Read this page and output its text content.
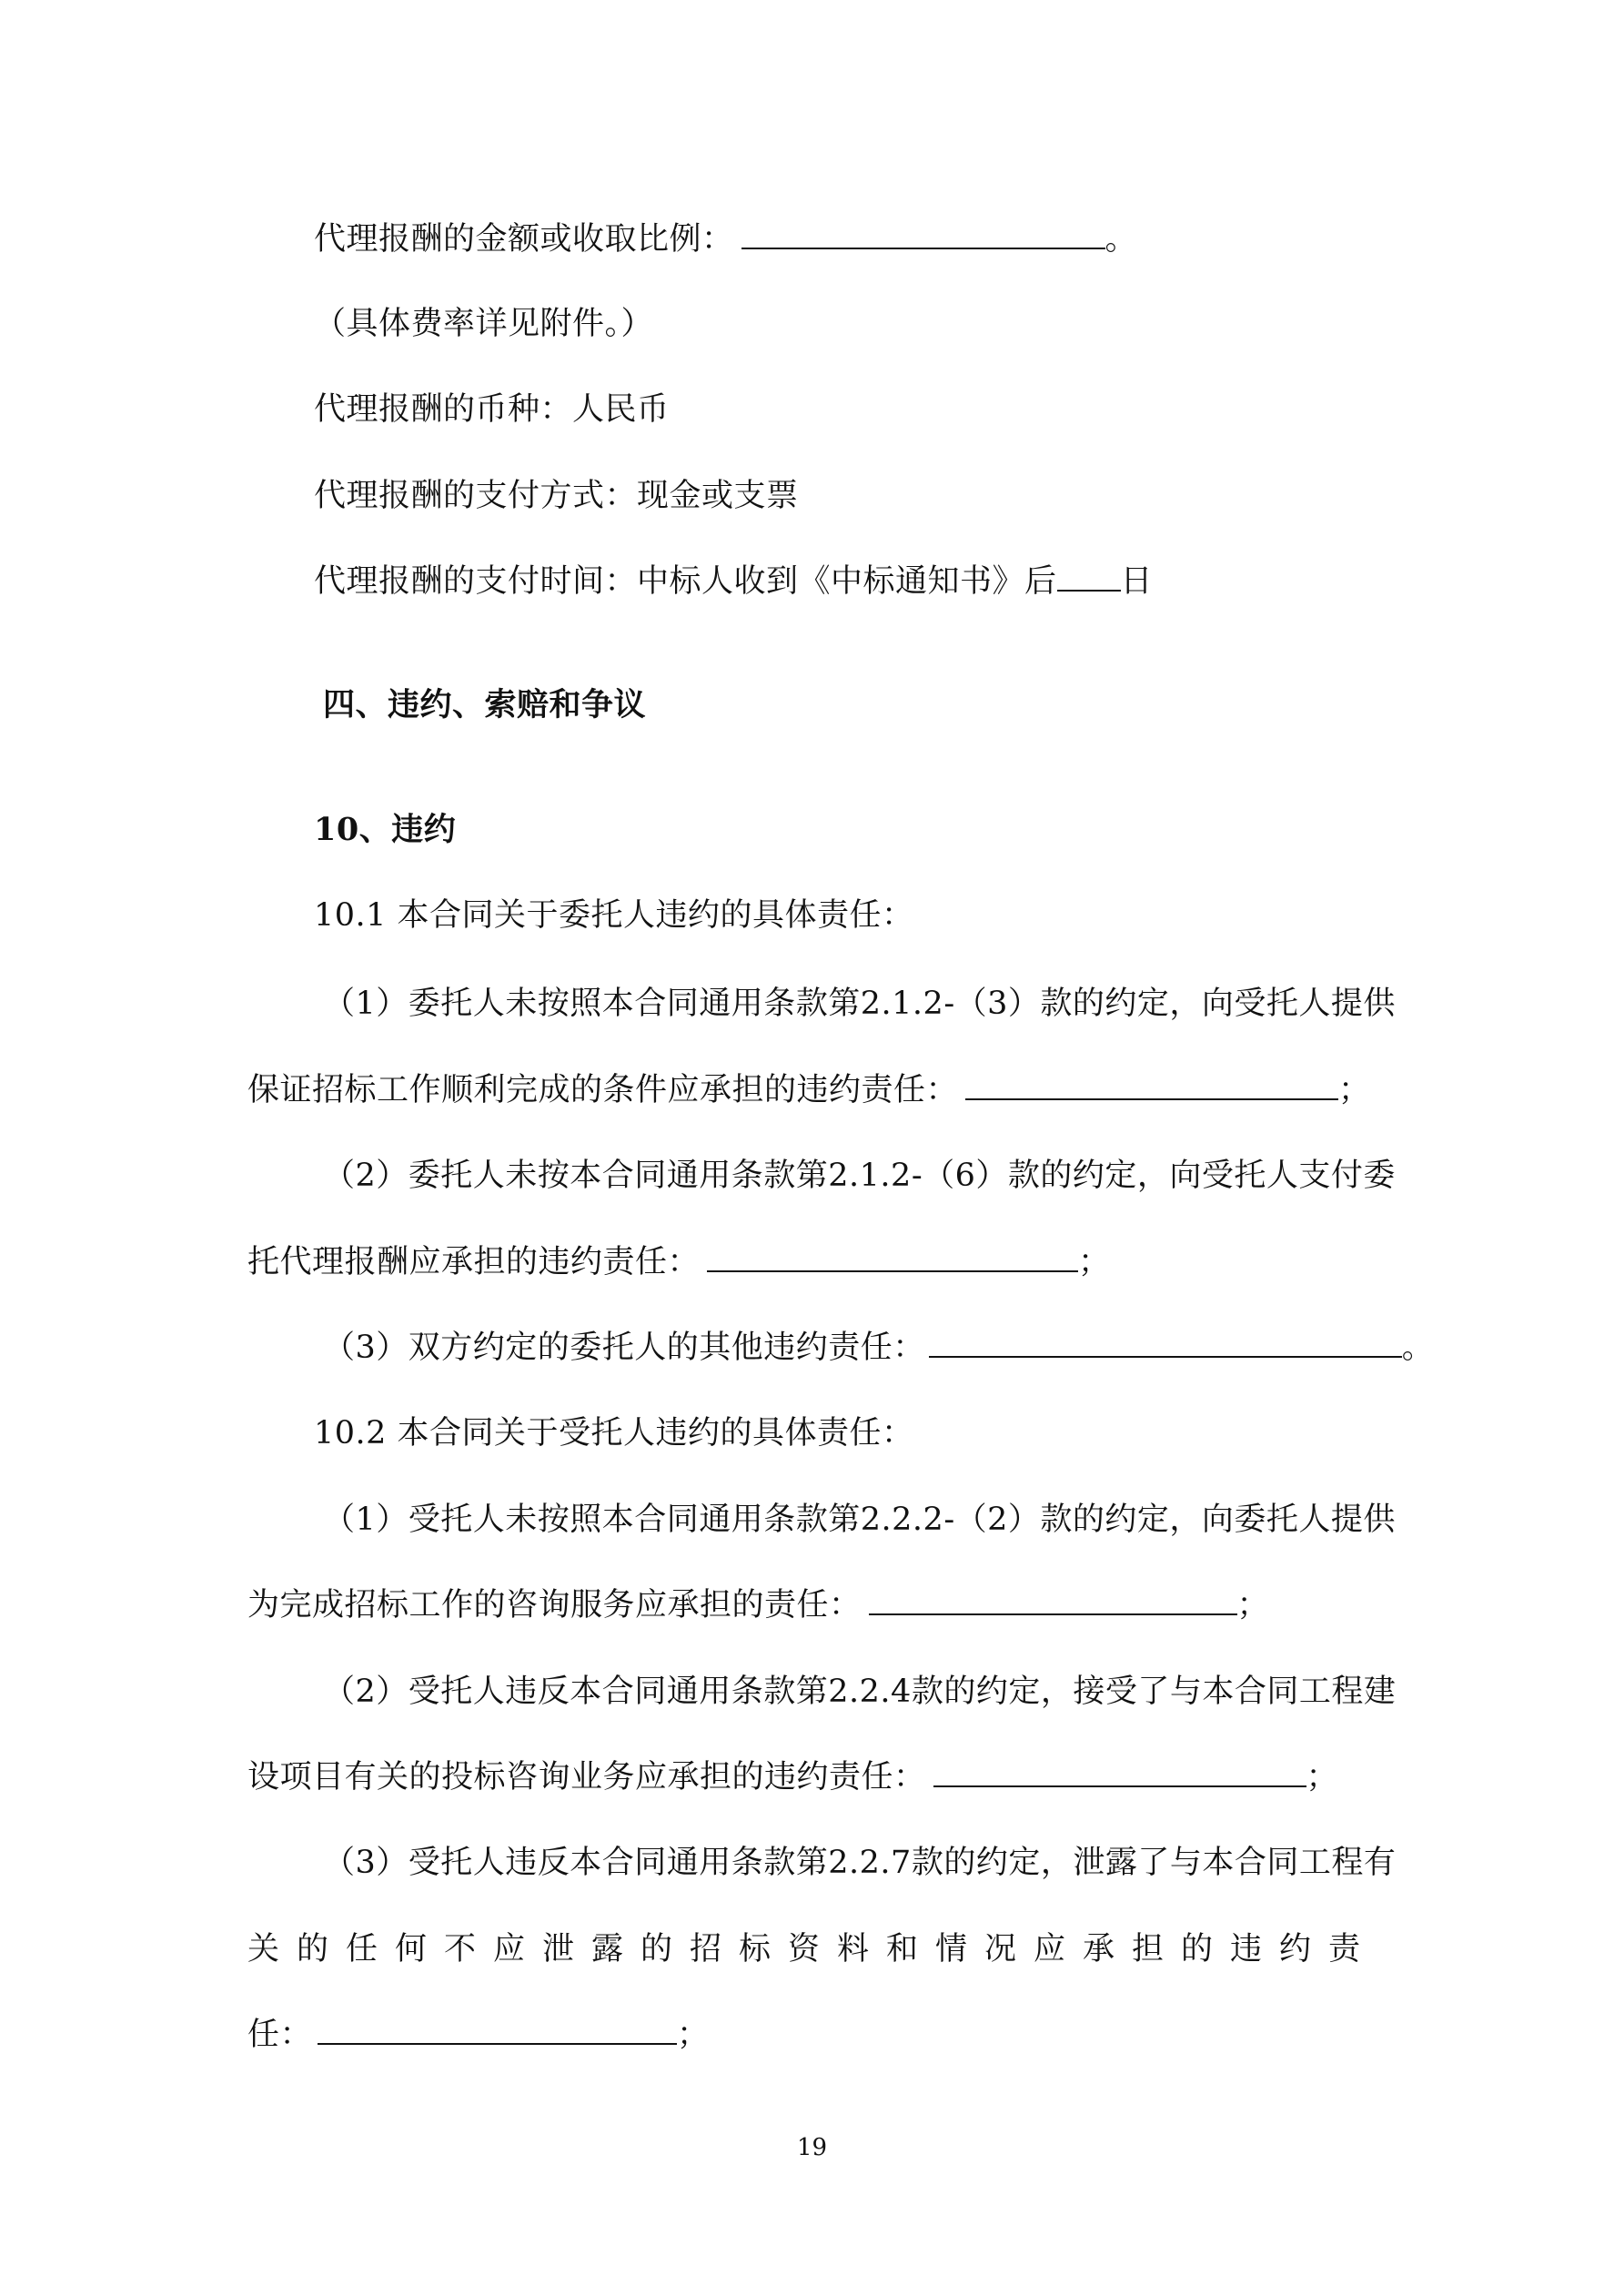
代理报酬的金额或收取比例：	。
（具体费率详见附件。）
代理报酬的币种：人民币
代理报酬的支付方式：现金或支票
代理报酬的支付时间：中标人收到《中标通知书》后 日
四、违约、索赔和争议
10、违约
10.1 本合同关于委托人违约的具体责任：
（1）委托人未按照本合同通用条款第2.1.2-（3）款的约定，向受托人提供
保证招标工作顺利完成的条件应承担的违约责任：	；
（2）委托人未按本合同通用条款第2.1.2-（6）款的约定，向受托人支付委
托代理报酬应承担的违约责任：	；
（3）双方约定的委托人的其他违约责任：	。
10.2 本合同关于受托人违约的具体责任：
（1）受托人未按照本合同通用条款第2.2.2-（2）款的约定，向委托人提供
为完成招标工作的咨询服务应承担的责任：	；
（2）受托人违反本合同通用条款第2.2.4款的约定，接受了与本合同工程建
设项目有关的投标咨询业务应承担的违约责任：	；
（3）受托人违反本合同通用条款第2.2.7款的约定，泄露了与本合同工程有
关的任何不应泄露的招标资料和情况应承担的违约责
任：	；
19
